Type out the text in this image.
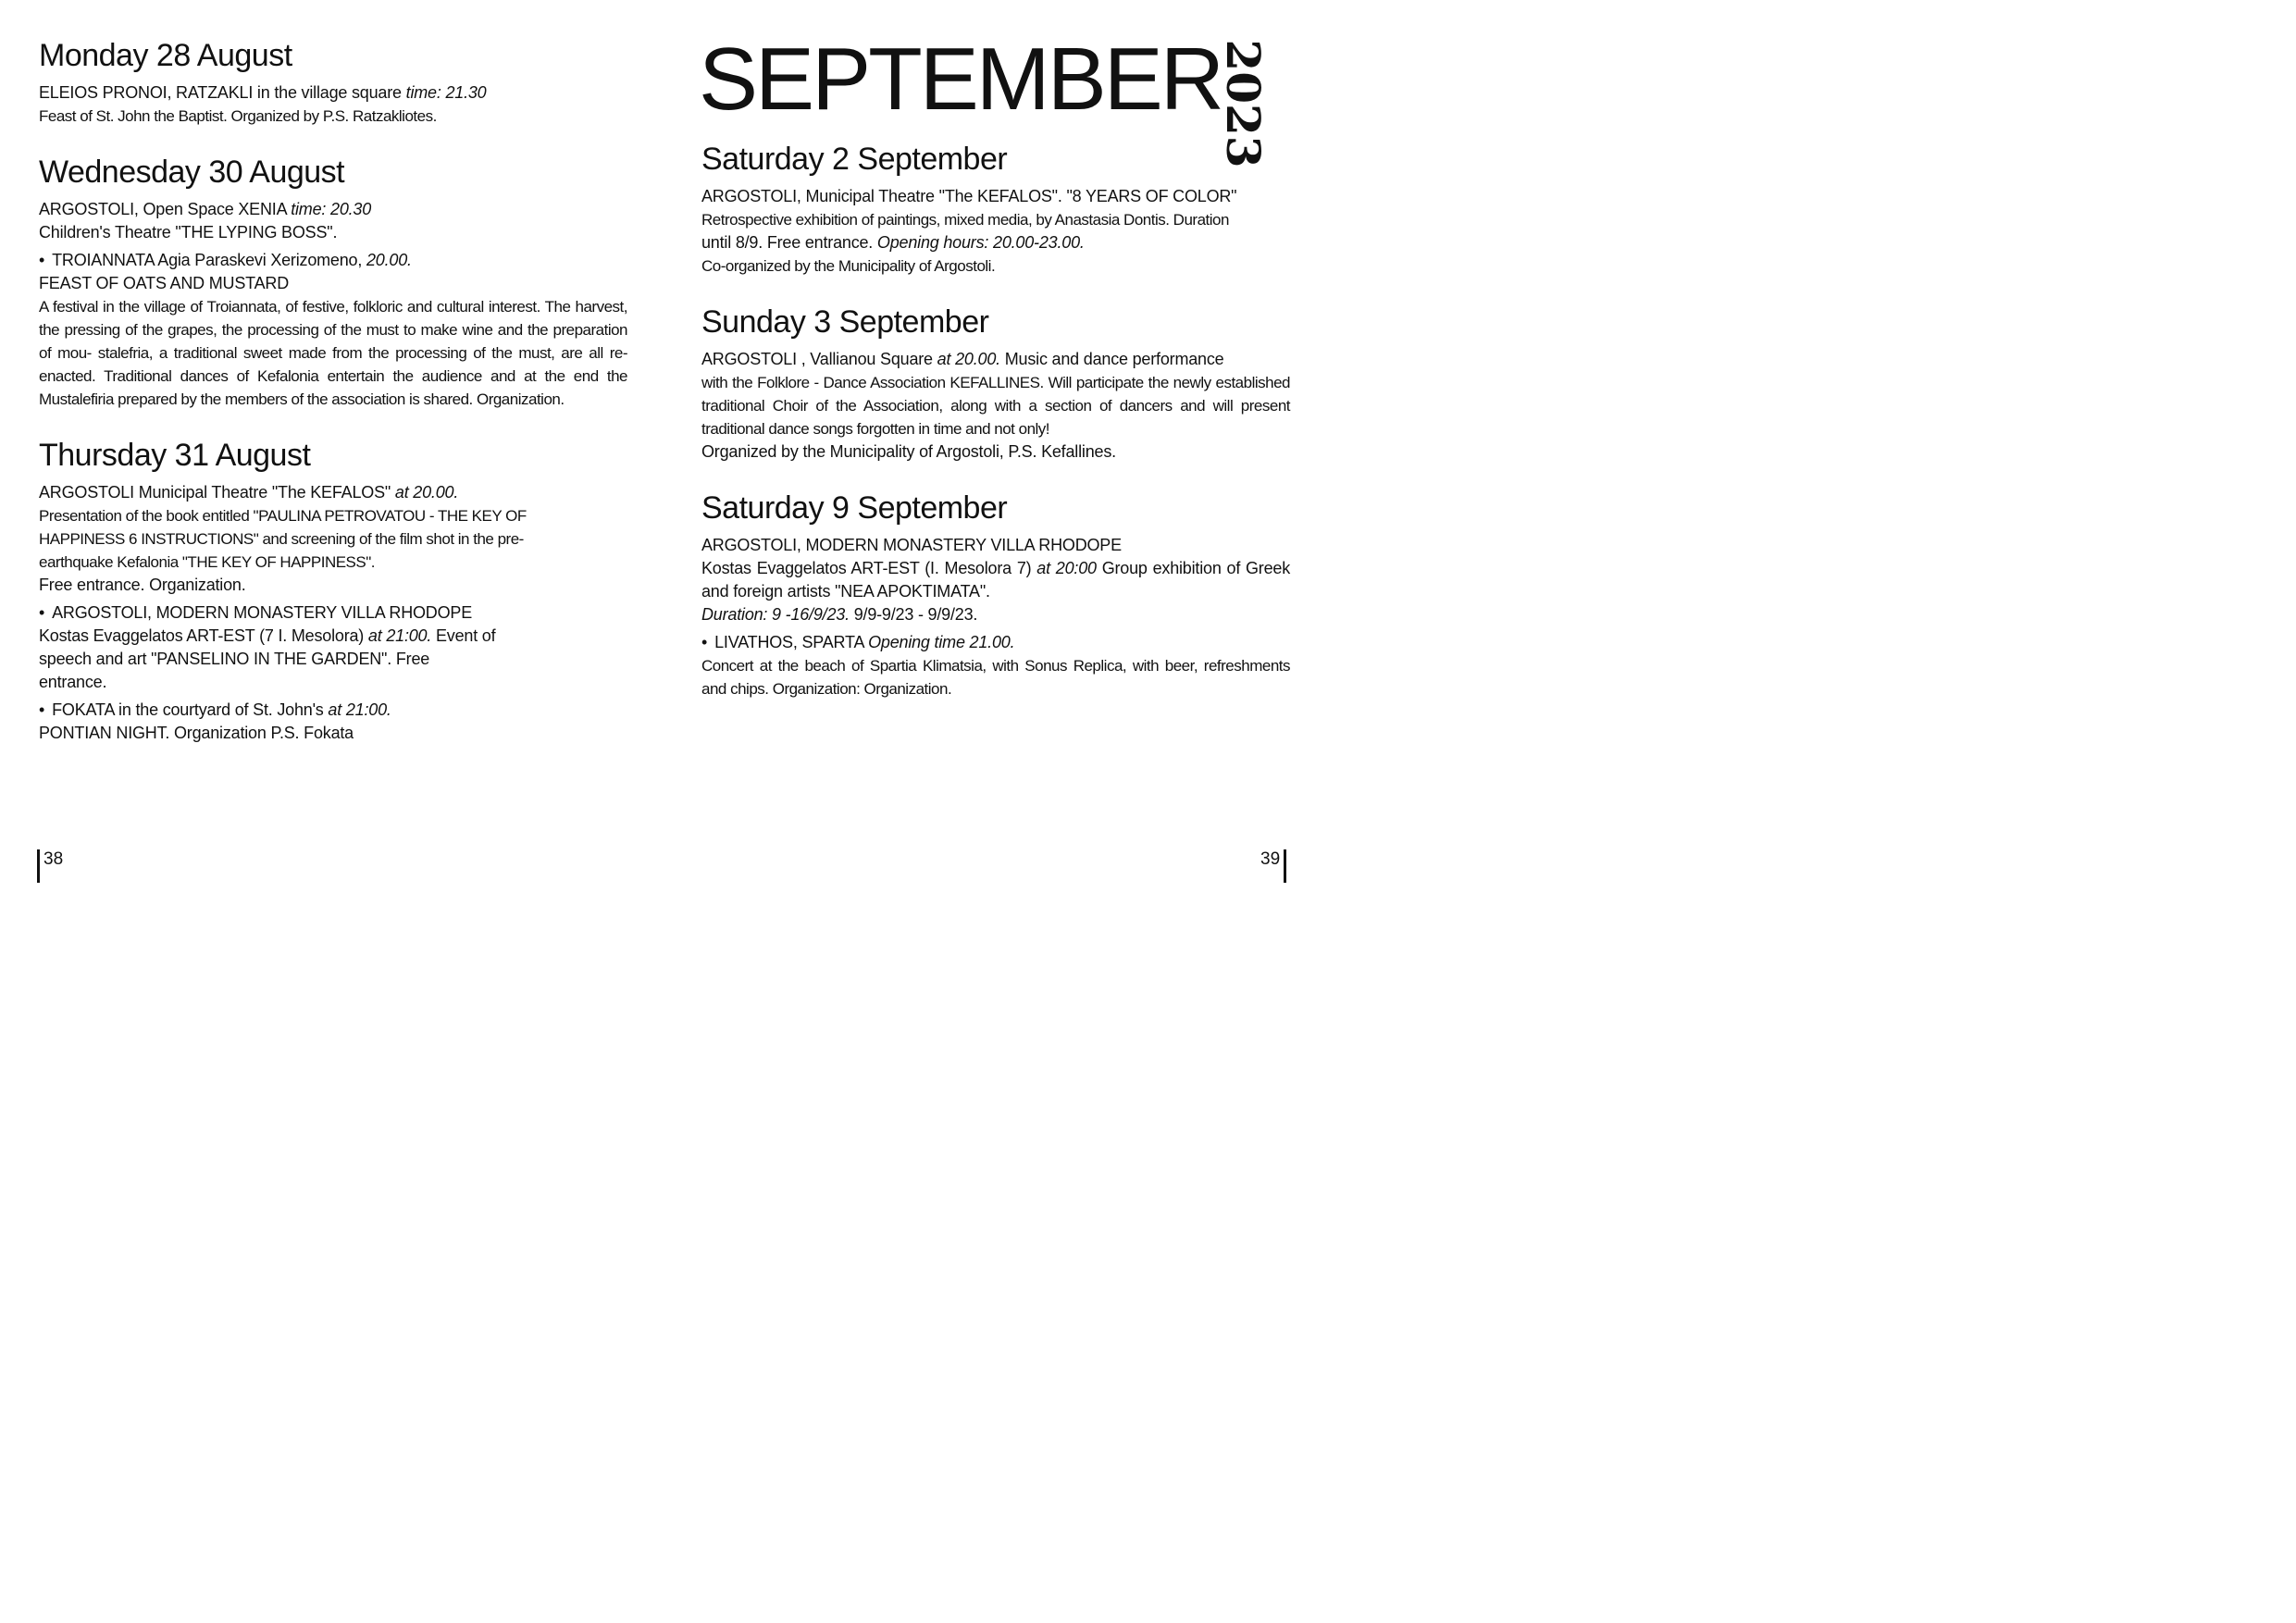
SEPTEMBER
2023
Monday 28 August
ELEIOS PRONOI, RATZAKLI in the village square time: 21.30
Feast of St. John the Baptist. Organized by P.S. Ratzakliotes.
Wednesday 30 August
ARGOSTOLI, Open Space XENIA time: 20.30
Children's Theatre "THE LYPING BOSS".
• TROIANNATA Agia Paraskevi Xerizomeno, 20.00.
FEAST OF OATS AND MUSTARD
A festival in the village of Troiannata, of festive, folkloric and cultural interest. The harvest, the pressing of the grapes, the processing of the must to make wine and the preparation of mou- stalefria, a traditional sweet made from the processing of the must, are all re-enacted. Traditional dances of Kefalonia entertain the audience and at the end the Mustalefiria prepared by the members of the association is shared. Organization.
Thursday 31 August
ARGOSTOLI Municipal Theatre "The KEFALOS" at 20.00.
Presentation of the book entitled "PAULINA PETROVATOU - THE KEY OF
HAPPINESS 6 INSTRUCTIONS" and screening of the film shot in the pre-
earthquake Kefalonia "THE KEY OF HAPPINESS".
Free entrance. Organization.
• ARGOSTOLI, MODERN MONASTERY VILLA RHODOPE
Kostas Evaggelatos ART-EST (7 I. Mesolora) at 21:00. Event of
speech and art "PANSELINO IN THE GARDEN". Free
entrance.
• FOKATA in the courtyard of St. John's at 21:00.
PONTIAN NIGHT. Organization P.S. Fokata
Saturday 2 September
ARGOSTOLI, Municipal Theatre "The KEFALOS". "8 YEARS OF COLOR"
Retrospective exhibition of paintings, mixed media, by Anastasia Dontis. Duration
until 8/9. Free entrance. Opening hours: 20.00-23.00.
Co-organized by the Municipality of Argostoli.
Sunday 3 September
ARGOSTOLI , Vallianou Square at 20.00. Music and dance performance
with the Folklore - Dance Association KEFALLINES. Will participate the newly established traditional Choir of the Association, along with a section of dancers and will present traditional dance songs forgotten in time and not only!
Organized by the Municipality of Argostoli, P.S. Kefallines.
Saturday 9 September
ARGOSTOLI, MODERN MONASTERY VILLA RHODOPE
Kostas Evaggelatos ART-EST (I. Mesolora 7) at 20:00 Group exhibition of Greek and foreign artists "NEA APOKTIMATA".
Duration: 9 -16/9/23. 9/9-9/23 - 9/9/23.
• LIVATHOS, SPARTA Opening time 21.00.
Concert at the beach of Spartia Klimatsia, with Sonus Replica, with beer, refreshments and chips. Organization: Organization.
38	39
